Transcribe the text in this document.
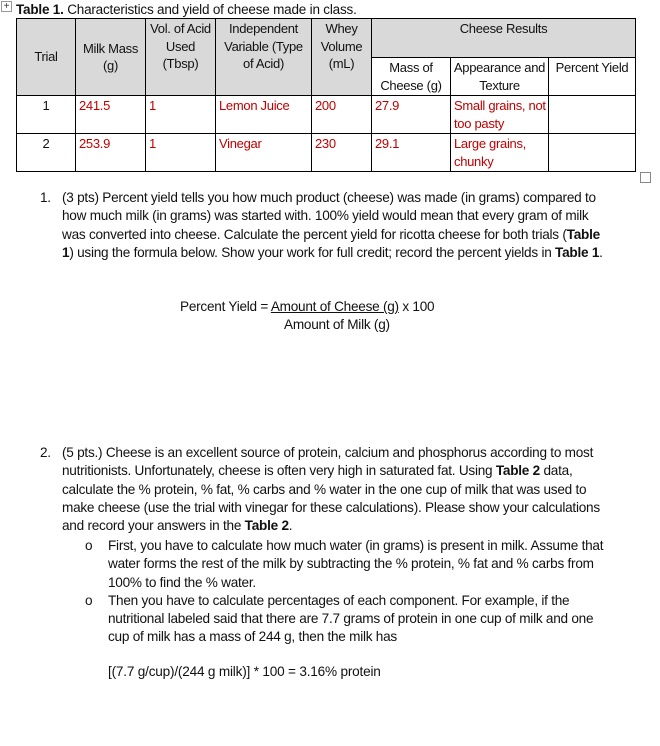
+ Table 1. Characteristics and yield of cheese made in class.
Trial	Milk Mass (g)	Vol. of Acid Used (Tbsp)	Independent Variable (Type of Acid)	Whey Volume (mL)	Cheese Results		
					Mass of Cheese (g)	Appearance and Texture	Percent Yield
1	241.5	1	Lemon Juice	200	27.9	Small grains, not too pasty	
2	253.9	1	Vinegar	230	29.1	Large grains, chunky	
1. (3 pts) Percent yield tells you how much product (cheese) was made (in grams) compared to how much milk (in grams) was started with. 100% yield would mean that every gram of milk was converted into cheese. Calculate the percent yield for ricotta cheese for both trials (Table 1) using the formula below. Show your work for full credit; record the percent yields in Table 1.
Percent Yield = Amount of Cheese (g) x 100
Amount of Milk (g)
2. (5 pts.) Cheese is an excellent source of protein, calcium and phosphorus according to most nutritionists. Unfortunately, cheese is often very high in saturated fat. Using Table 2 data, calculate the % protein, % fat, % carbs and % water in the one cup of milk that was used to make cheese (use the trial with vinegar for these calculations). Please show your calculations and record your answers in the Table 2.
o First, you have to calculate how much water (in grams) is present in milk. Assume that water forms the rest of the milk by subtracting the % protein, % fat and % carbs from 100% to find the % water.
o Then you have to calculate percentages of each component. For example, if the nutritional labeled said that there are 7.7 grams of protein in one cup of milk and one cup of milk has a mass of 244 g, then the milk has
[(7.7 g/cup)/(244 g milk)] * 100 = 3.16% protein
